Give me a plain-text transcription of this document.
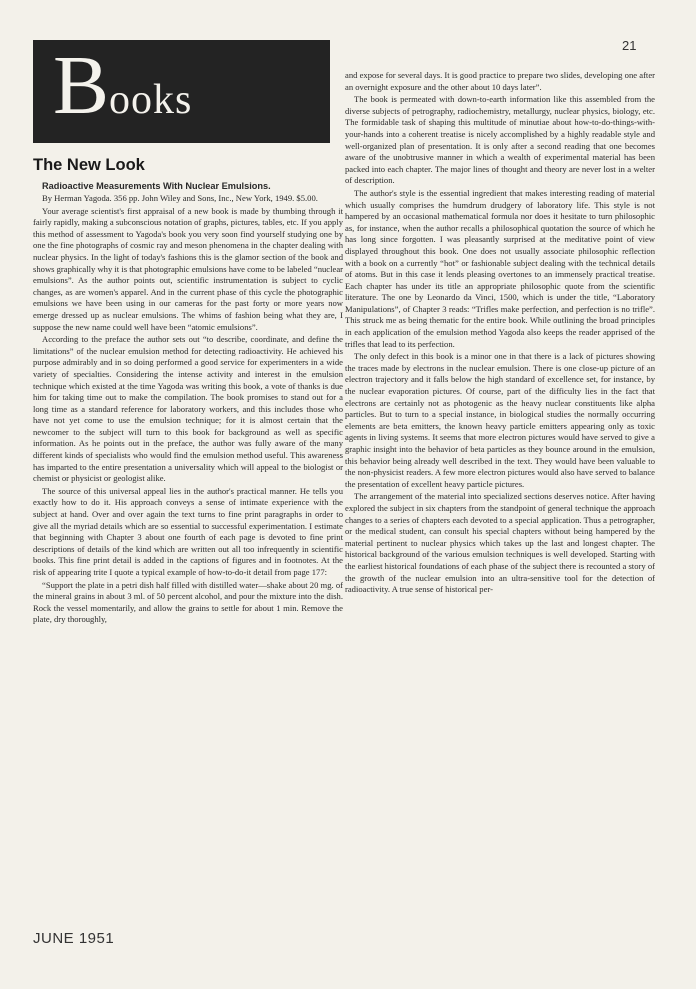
Books
21
The New Look

Radioactive Measurements With Nuclear Emulsions.

By Herman Yagoda. 356 pp. John Wiley and Sons, Inc., New York, 1949. $5.00.

Your average scientist's first appraisal of a new book is made by thumbing through it fairly rapidly, making a subconscious notation of graphs, pictures, tables, etc. If you apply this method of assessment to Yagoda's book you very soon find yourself studying one by one the fine photographs of cosmic ray and meson phenomena in the chapter dealing with nuclear physics. In the light of today's fashions this is the glamor section of the book and shows graphically why it is that photographic emulsions have come to be labeled “nuclear emulsions”. As the author points out, scientific instrumentation is subject to cyclic changes, as are women's apparel. And in the current phase of this cycle the photographic emulsions we have been using in our cameras for the past forty or more years now emerge dressed up as nuclear emulsions. The whims of fashion being what they are, I suppose the new name could well have been “atomic emulsions”.

According to the preface the author sets out “to describe, coordinate, and define the limitations” of the nuclear emulsion method for detecting radioactivity. He achieved his purpose admirably and in so doing performed a good service for experimenters in a wide variety of specialties. Considering the intense activity and interest in the emulsion technique which existed at the time Yagoda was writing this book, a vote of thanks is due him for taking time out to make the compilation. The book promises to stand out for a long time as a standard reference for laboratory workers, and this includes those who have not yet come to use the emulsion technique; for it is almost certain that the newcomer to the subject will turn to this book for background as well as specific information. As he points out in the preface, the author was fully aware of the many different kinds of specialists who would find the emulsion method useful. This awareness has imparted to the entire presentation a universality which will appeal to the biologist or chemist or physicist or geologist alike.

The source of this universal appeal lies in the author's practical manner. He tells you exactly how to do it. His approach conveys a sense of intimate experience with the subject at hand. Over and over again the text turns to fine print paragraphs in order to give all the myriad details which are so essential to successful experimentation. I estimate that beginning with Chapter 3 about one fourth of each page is devoted to fine print descriptions of details of the kind which are written out all too infrequently in scientific books. This fine print detail is added in the captions of figures and in footnotes. At the risk of appearing trite I quote a typical example of how-to-do-it detail from page 177:

“Support the plate in a petri dish half filled with distilled water—shake about 20 mg. of the mineral grains in about 3 ml. of 50 percent alcohol, and pour the mixture into the dish. Rock the vessel momentarily, and allow the grains to settle for about 1 min. Remove the plate, dry thoroughly,

and expose for several days. It is good practice to prepare two slides, developing one after an overnight exposure and the other about 10 days later”.

The book is permeated with down-to-earth information like this assembled from the diverse subjects of petrography, radiochemistry, metallurgy, nuclear physics, biology, etc. The formidable task of shaping this multitude of minutiae about how-to-do-things-with-your-hands into a coherent treatise is nicely accomplished by a highly readable style and well-organized plan of presentation. It is only after a second reading that one becomes aware of the unobtrusive manner in which a wealth of experimental material has been packed into each chapter. The major lines of thought and theory are never lost in a welter of description.

The author's style is the essential ingredient that makes interesting reading of material which usually comprises the humdrum drudgery of laboratory life. This style is not hampered by an occasional mathematical formula nor does it hesitate to turn philosophic as, for instance, when the author recalls a philosophical quotation the source of which he has long since forgotten. I was pleasantly surprised at the meditative point of view displayed throughout this book. One does not usually associate philosophic reflection with a book on a currently “hot” or fashionable subject dealing with the technical details of atoms. But in this case it lends pleasing overtones to an immensely practical treatise. Each chapter has under its title an appropriate philosophic quote from the scientific literature. The one by Leonardo da Vinci, 1500, which is under the title, “Laboratory Manipulations”, of Chapter 3 reads: “Trifles make perfection, and perfection is no trifle”. This struck me as being thematic for the entire book. While outlining the broad principles in each application of the emulsion method Yagoda also keeps the reader apprised of the trifles that lead to its perfection.

The only defect in this book is a minor one in that there is a lack of pictures showing the traces made by electrons in the nuclear emulsion. There is one close-up picture of an electron trajectory and it falls below the high standard of excellence set, for instance, by the nuclear evaporation pictures. Of course, part of the difficulty lies in the fact that electrons are certainly not as photogenic as the heavy nuclear constituents like alpha particles. But to turn to a special instance, in biological studies the normally occurring elements are beta emitters, the known heavy particle emitters appearing only as toxic agents in living systems. It seems that more electron pictures would have served to give a graphic insight into the behavior of beta particles as they bounce around in the emulsion, this behavior being already well described in the text. They would have been valuable to the non-physicist readers. A few more electron pictures would also have served to balance the presentation of excellent heavy particle pictures.

The arrangement of the material into specialized sections deserves notice. After having explored the subject in six chapters from the standpoint of general technique the approach changes to a series of chapters each devoted to a special application. Thus a petrographer, or the medical student, can consult his special chapters without being hampered by the material pertinent to nuclear physics which takes up the last and longest chapter. The historical background of the various emulsion techniques is well developed. Starting with the earliest historical foundations of each phase of the subject there is recounted a story of the growth of the nuclear emulsion into an ultra-sensitive tool for the detection of radioactivity. A true sense of historical per-

JUNE 1951
